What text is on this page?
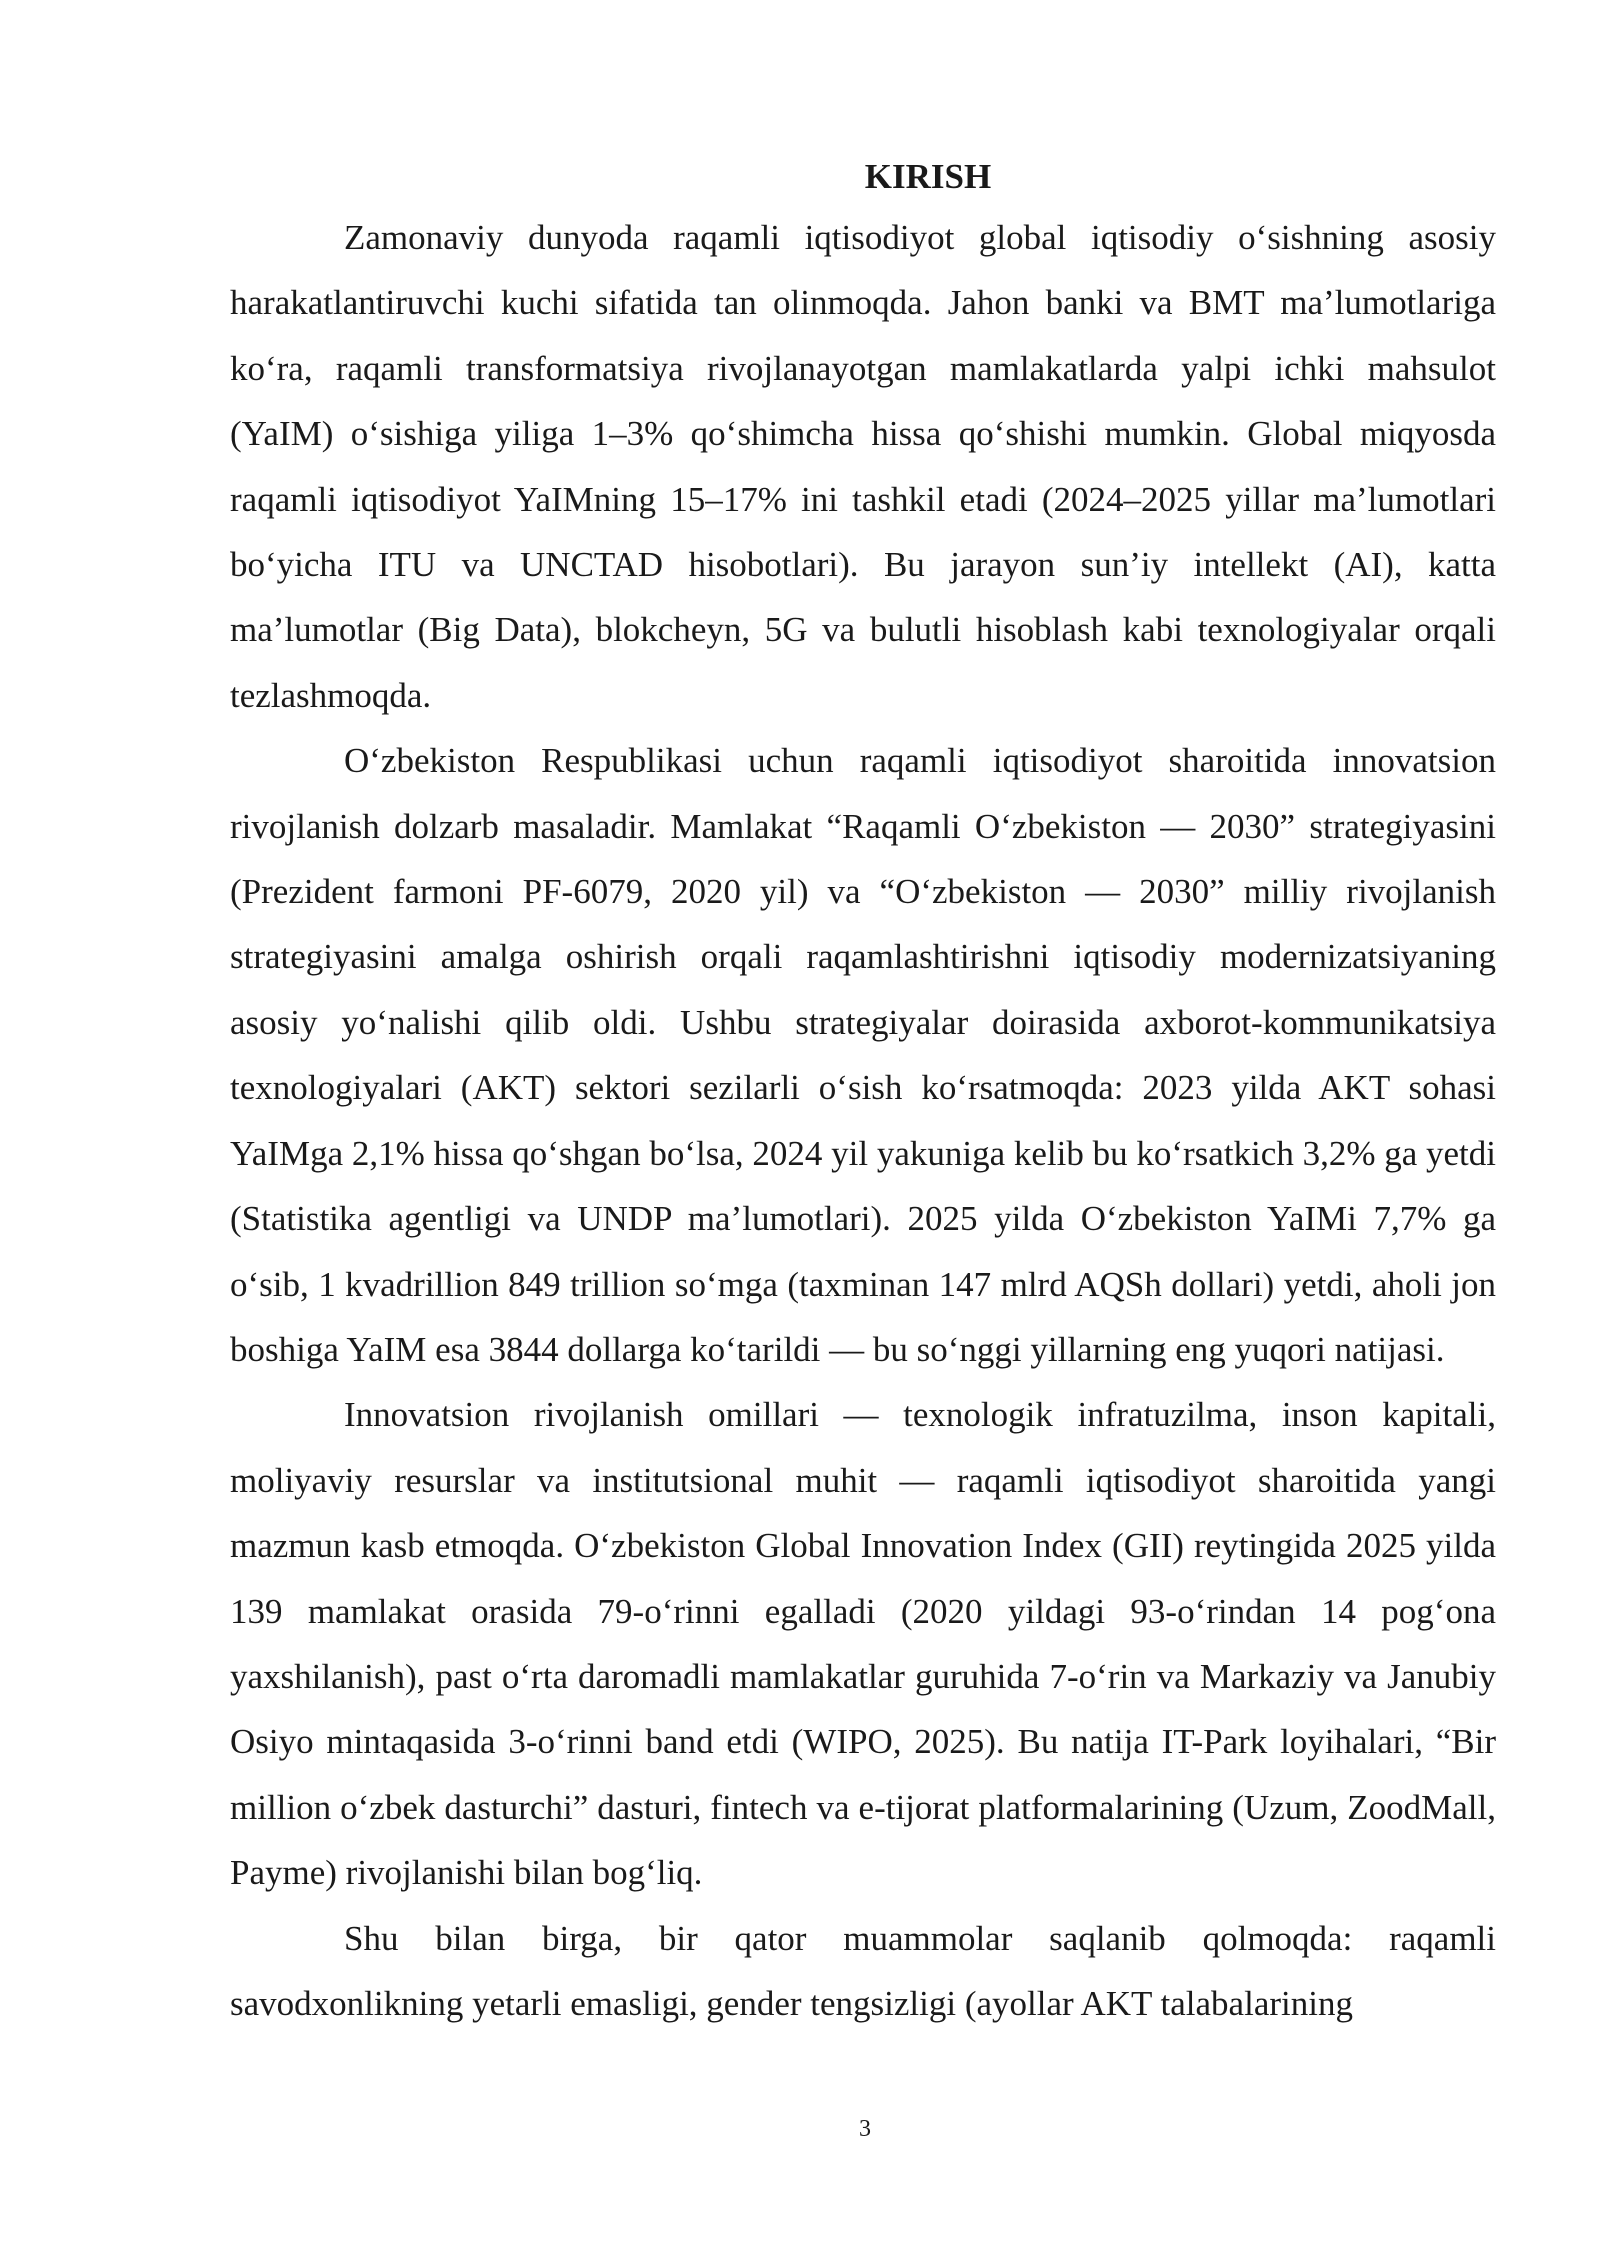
KIRISH

Zamonaviy dunyoda raqamli iqtisodiyot global iqtisodiy o‘sishning asosiy harakatlantiruvchi kuchi sifatida tan olinmoqda. Jahon banki va BMT ma’lumotlariga ko‘ra, raqamli transformatsiya rivojlanayotgan mamlakatlarda yalpi ichki mahsulot (YaIM) o‘sishiga yiliga 1–3% qo‘shimcha hissa qo‘shishi mumkin. Global miqyosda raqamli iqtisodiyot YaIMning 15–17% ini tashkil etadi (2024–2025 yillar ma’lumotlari bo‘yicha ITU va UNCTAD hisobotlari). Bu jarayon sun’iy intellekt (AI), katta ma’lumotlar (Big Data), blokcheyn, 5G va bulutli hisoblash kabi texnologiyalar orqali tezlashmoqda.

O‘zbekiston Respublikasi uchun raqamli iqtisodiyot sharoitida innovatsion rivojlanish dolzarb masaladir. Mamlakat “Raqamli O‘zbekiston — 2030” strategiyasini (Prezident farmoni PF-6079, 2020 yil) va “O‘zbekiston — 2030” milliy rivojlanish strategiyasini amalga oshirish orqali raqamlashtirishni iqtisodiy modernizatsiyaning asosiy yo‘nalishi qilib oldi. Ushbu strategiyalar doirasida axborot-kommunikatsiya texnologiyalari (AKT) sektori sezilarli o‘sish ko‘rsatmoqda: 2023 yilda AKT sohasi YaIMga 2,1% hissa qo‘shgan bo‘lsa, 2024 yil yakuniga kelib bu ko‘rsatkich 3,2% ga yetdi (Statistika agentligi va UNDP ma’lumotlari). 2025 yilda O‘zbekiston YaIMi 7,7% ga o‘sib, 1 kvadrillion 849 trillion so‘mga (taxminan 147 mlrd AQSh dollari) yetdi, aholi jon boshiga YaIM esa 3844 dollarga ko‘tarildi — bu so‘nggi yillarning eng yuqori natijasi.

Innovatsion rivojlanish omillari — texnologik infratuzilma, inson kapitali, moliyaviy resurslar va institutsional muhit — raqamli iqtisodiyot sharoitida yangi mazmun kasb etmoqda. O‘zbekiston Global Innovation Index (GII) reytingida 2025 yilda 139 mamlakat orasida 79-o‘rinni egalladi (2020 yildagi 93-o‘rindan 14 pog‘ona yaxshilanish), past o‘rta daromadli mamlakatlar guruhida 7-o‘rin va Markaziy va Janubiy Osiyo mintaqasida 3-o‘rinni band etdi (WIPO, 2025). Bu natija IT-Park loyihalari, “Bir million o‘zbek dasturchi” dasturi, fintech va e-tijorat platformalarining (Uzum, ZoodMall, Payme) rivojlanishi bilan bog‘liq.

Shu bilan birga, bir qator muammolar saqlanib qolmoqda: raqamli savodxonlikning yetarli emasligi, gender tengsizligi (ayollar AKT talabalarining

3
